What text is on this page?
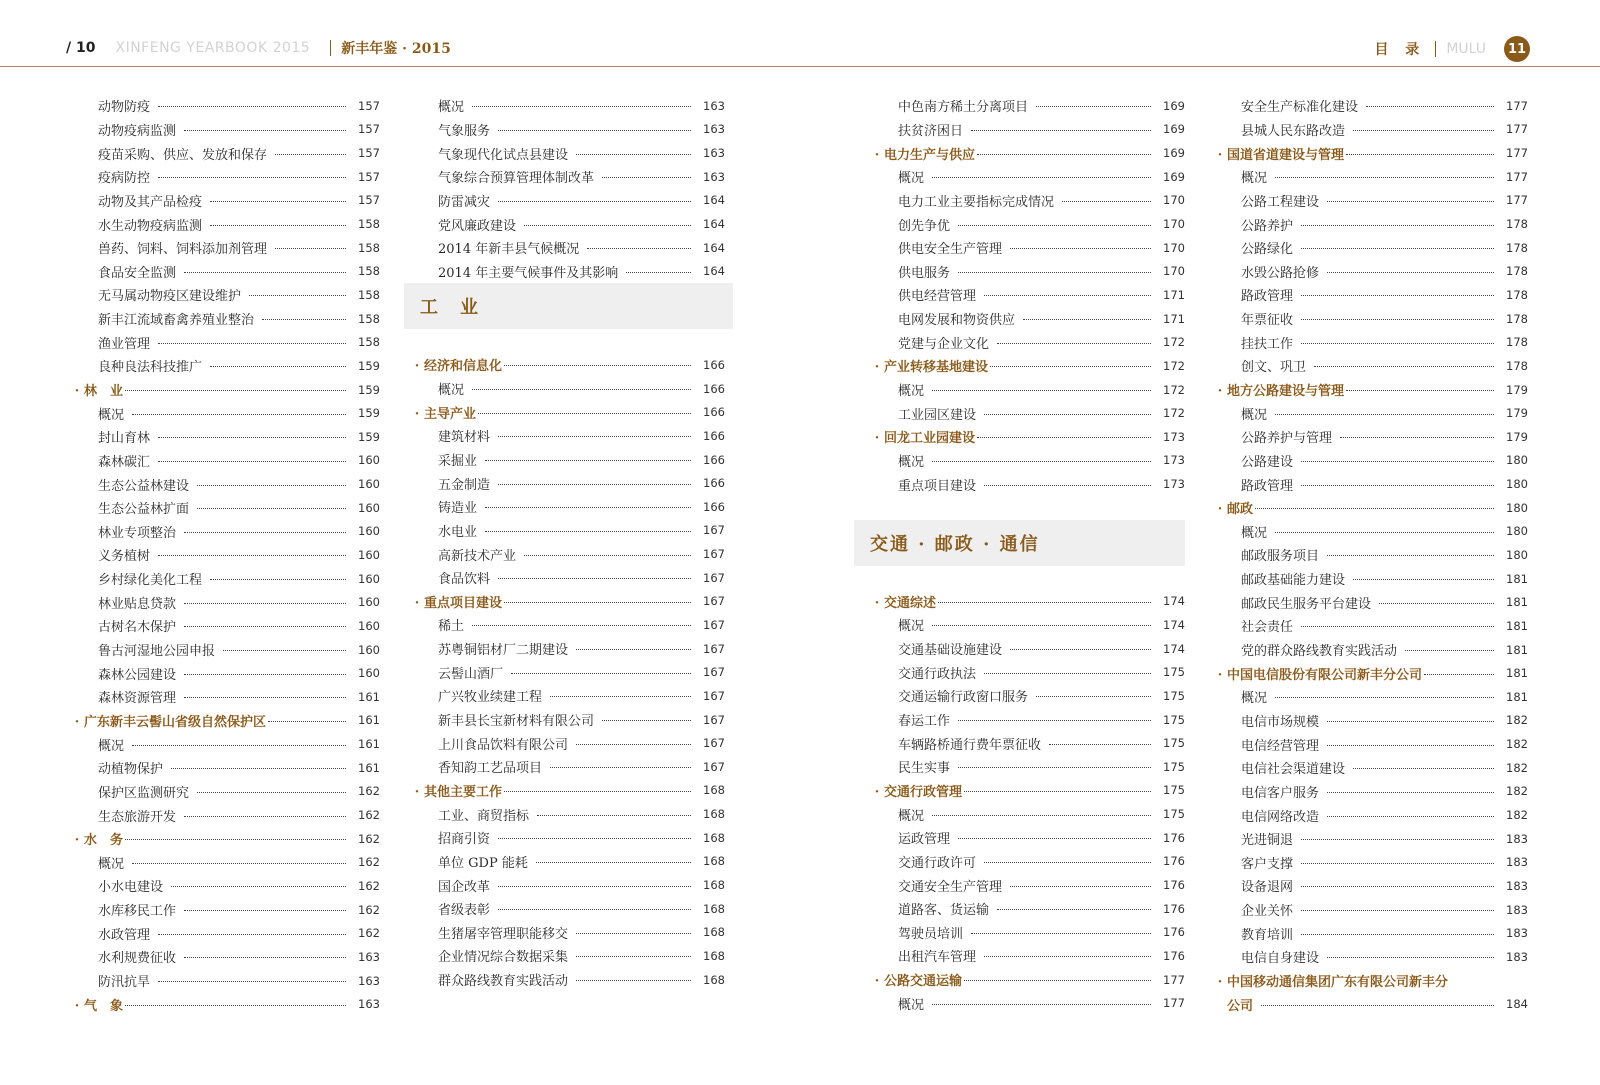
/ 10 XINFENG YEARBOOK 2015 新丰年鉴 · 2015	目 录 MULU	11
动物防疫	157
动物疫病监测	157
疫苗采购、供应、发放和保存	157
疫病防控	157
动物及其产品检疫	157
水生动物疫病监测	158
兽药、饲料、饲料添加剂管理	158
食品安全监测	158
无马属动物疫区建设维护	158
新丰江流域畜禽养殖业整治	158
渔业管理	158
良种良法科技推广	159
· 林　业	159
概况	159
封山育林	159
森林碳汇	160
生态公益林建设	160
生态公益林扩面	160
林业专项整治	160
义务植树	160
乡村绿化美化工程	160
林业贴息贷款	160
古树名木保护	160
鲁古河湿地公园申报	160
森林公园建设	160
森林资源管理	161
· 广东新丰云髻山省级自然保护区	161
概况	161
动植物保护	161
保护区监测研究	162
生态旅游开发	162
· 水　务	162
概况	162
小水电建设	162
水库移民工作	162
水政管理	162
水利规费征收	163
防汛抗旱	163
· 气　象	163
概况	163
气象服务	163
气象现代化试点县建设	163
气象综合预算管理体制改革	163
防雷减灾	164
党风廉政建设	164
2014 年新丰县气候概况	164
2014 年主要气候事件及其影响	164
工　业
· 经济和信息化	166
概况	166
· 主导产业	166
建筑材料	166
采掘业	166
五金制造	166
铸造业	166
水电业	167
高新技术产业	167
食品饮料	167
· 重点项目建设	167
稀土	167
苏粤铜铝材厂二期建设	167
云髻山酒厂	167
广兴牧业续建工程	167
新丰县长宝新材料有限公司	167
上川食品饮料有限公司	167
香知韵工艺品项目	167
· 其他主要工作	168
工业、商贸指标	168
招商引资	168
单位 GDP 能耗	168
国企改革	168
省级表彰	168
生猪屠宰管理职能移交	168
企业情况综合数据采集	168
群众路线教育实践活动	168
中色南方稀土分离项目	169
扶贫济困日	169
· 电力生产与供应	169
概况	169
电力工业主要指标完成情况	170
创先争优	170
供电安全生产管理	170
供电服务	170
供电经营管理	171
电网发展和物资供应	171
党建与企业文化	172
· 产业转移基地建设	172
概况	172
工业园区建设	172
· 回龙工业园建设	173
概况	173
重点项目建设	173
交通 · 邮政 · 通信
· 交通综述	174
概况	174
交通基础设施建设	174
交通行政执法	175
交通运输行政窗口服务	175
春运工作	175
车辆路桥通行费年票征收	175
民生实事	175
· 交通行政管理	175
概况	175
运政管理	176
交通行政许可	176
交通安全生产管理	176
道路客、货运输	176
驾驶员培训	176
出租汽车管理	176
· 公路交通运输	177
概况	177
安全生产标准化建设	177
县城人民东路改造	177
· 国道省道建设与管理	177
概况	177
公路工程建设	177
公路养护	178
公路绿化	178
水毁公路抢修	178
路政管理	178
年票征收	178
挂扶工作	178
创文、巩卫	178
· 地方公路建设与管理	179
概况	179
公路养护与管理	179
公路建设	180
路政管理	180
· 邮政	180
概况	180
邮政服务项目	180
邮政基础能力建设	181
邮政民生服务平台建设	181
社会责任	181
党的群众路线教育实践活动	181
· 中国电信股份有限公司新丰分公司	181
概况	181
电信市场规模	182
电信经营管理	182
电信社会渠道建设	182
电信客户服务	182
电信网络改造	182
光进铜退	183
客户支撑	183
设备退网	183
企业关怀	183
教育培训	183
电信自身建设	183
· 中国移动通信集团广东有限公司新丰分
公司	184
